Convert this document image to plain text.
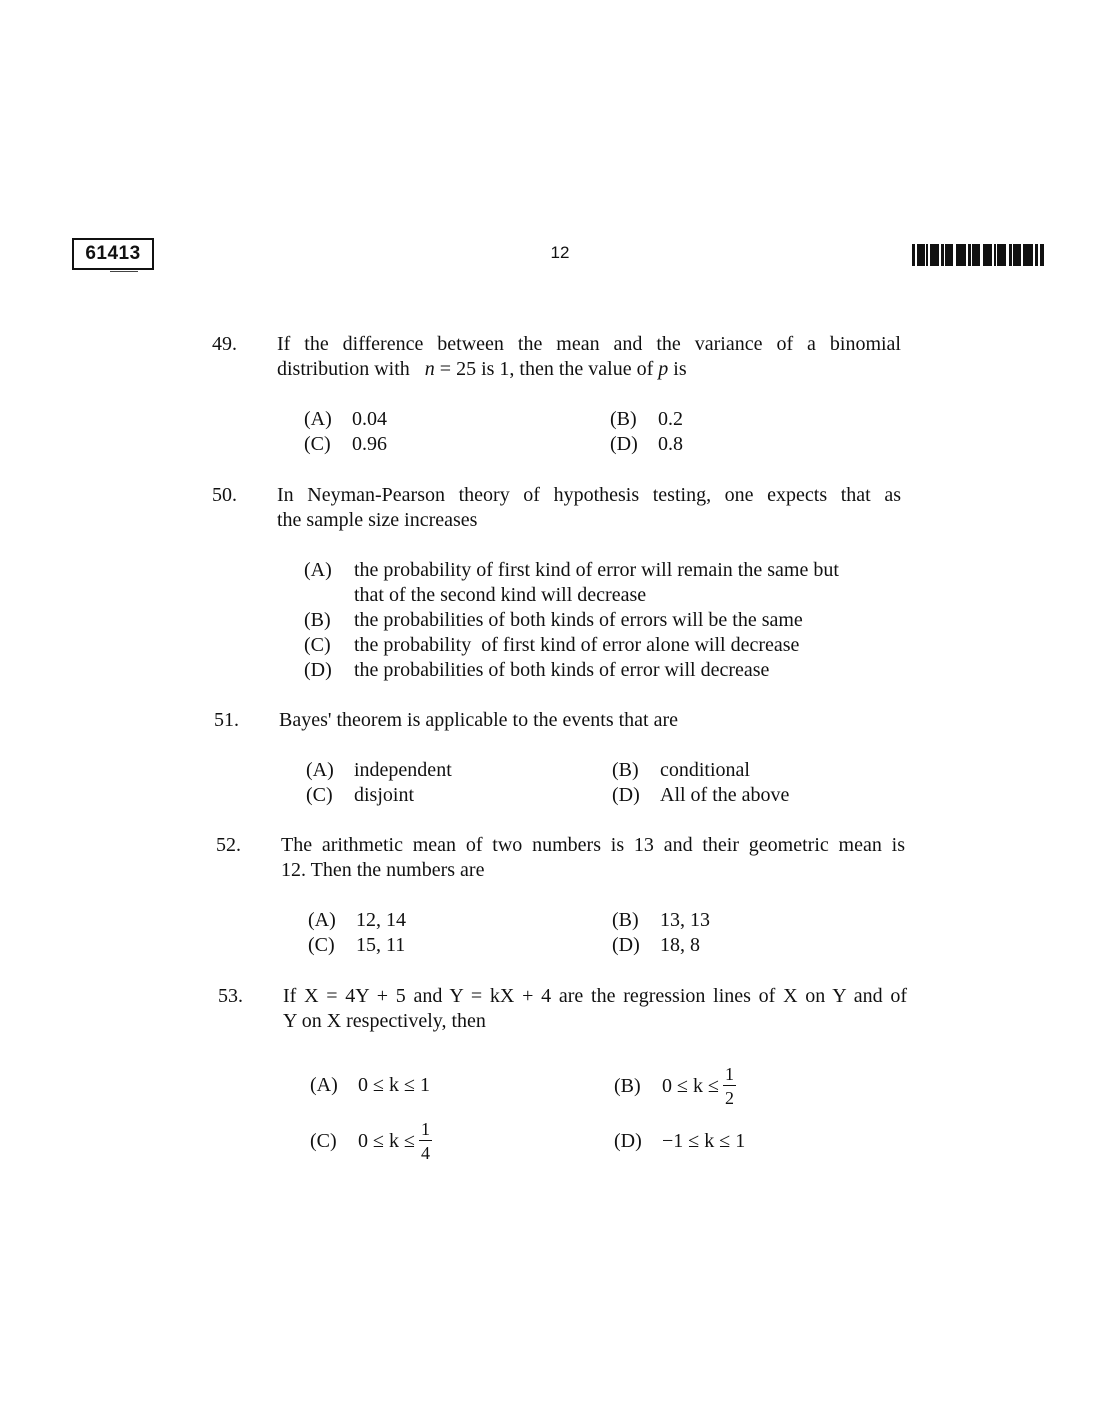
61413	12
49. If the difference between the mean and the variance of a binomial
distribution with n = 25 is 1, then the value of p is
(A) 0.04	(B) 0.2
(C) 0.96	(D) 0.8
50. In Neyman-Pearson theory of hypothesis testing, one expects that as
the sample size increases
(A) the probability of first kind of error will remain the same but that of the second kind will decrease
(B) the probabilities of both kinds of errors will be the same
(C) the probability  of first kind of error alone will decrease
(D) the probabilities of both kinds of error will decrease
51. Bayes' theorem is applicable to the events that are
(A) independent	(B) conditional
(C) disjoint	(D) All of the above
52. The arithmetic mean of two numbers is 13 and their geometric mean is
12. Then the numbers are
(A) 12, 14	(B) 13, 13
(C) 15, 11	(D) 18, 8
53. If X = 4Y + 5 and Y = kX + 4 are the regression lines of X on Y and of
Y on X respectively, then
(A) 0 ≤ k ≤ 1	(B)	$0 \le k \le \frac{1}{2}$
(C)	$0 \le k \le \frac{1}{4}$	(D) −1 ≤ k ≤ 1
